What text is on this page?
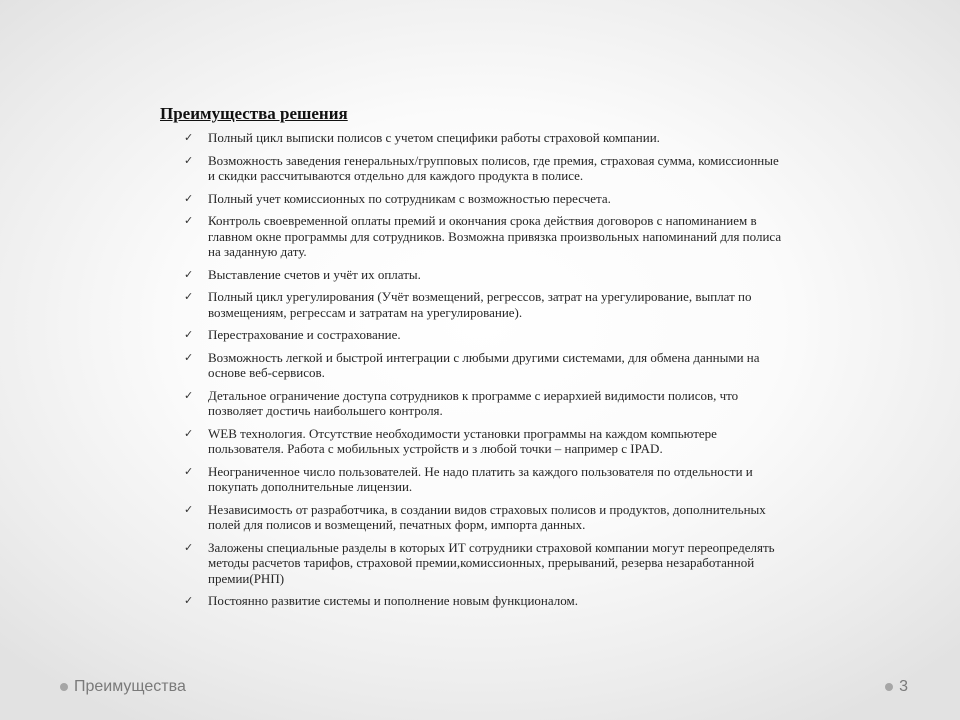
Преимущества решения
✓ Полный цикл выписки полисов с учетом специфики работы страховой компании.
✓ Возможность заведения генеральных/групповых полисов, где премия, страховая сумма, комиссионные и скидки рассчитываются отдельно для каждого продукта в полисе.
✓ Полный учет комиссионных по сотрудникам с возможностью пересчета.
✓ Контроль своевременной оплаты премий и окончания срока действия договоров с напоминанием в главном окне программы для сотрудников. Возможна привязка произвольных напоминаний для полиса на заданную дату.
✓ Выставление счетов и учёт их оплаты.
✓ Полный цикл урегулирования (Учёт возмещений, регрессов, затрат на урегулирование, выплат по возмещениям, регрессам и затратам на урегулирование).
✓ Перестрахование и сострахование.
✓ Возможность легкой и быстрой интеграции с любыми другими системами, для обмена данными на основе веб-сервисов.
✓ Детальное ограничение доступа сотрудников к программе с иерархией видимости полисов, что позволяет достичь наибольшего контроля.
✓ WEB технология. Отсутствие необходимости установки программы на каждом компьютере пользователя. Работа с мобильных устройств и з любой точки – например с IPAD.
✓ Неограниченное число пользователей. Не надо платить за каждого пользователя по отдельности и покупать дополнительные лицензии.
✓ Независимость от разработчика, в создании видов страховых полисов и продуктов, дополнительных полей для полисов и возмещений, печатных форм, импорта данных.
✓ Заложены специальные разделы в которых ИТ сотрудники страховой компании могут переопределять методы расчетов тарифов, страховой премии,комиссионных, прерываний, резерва незаработанной премии(РНП)
✓ Постоянно развитие системы и пополнение новым функционалом.
Преимущества	3
